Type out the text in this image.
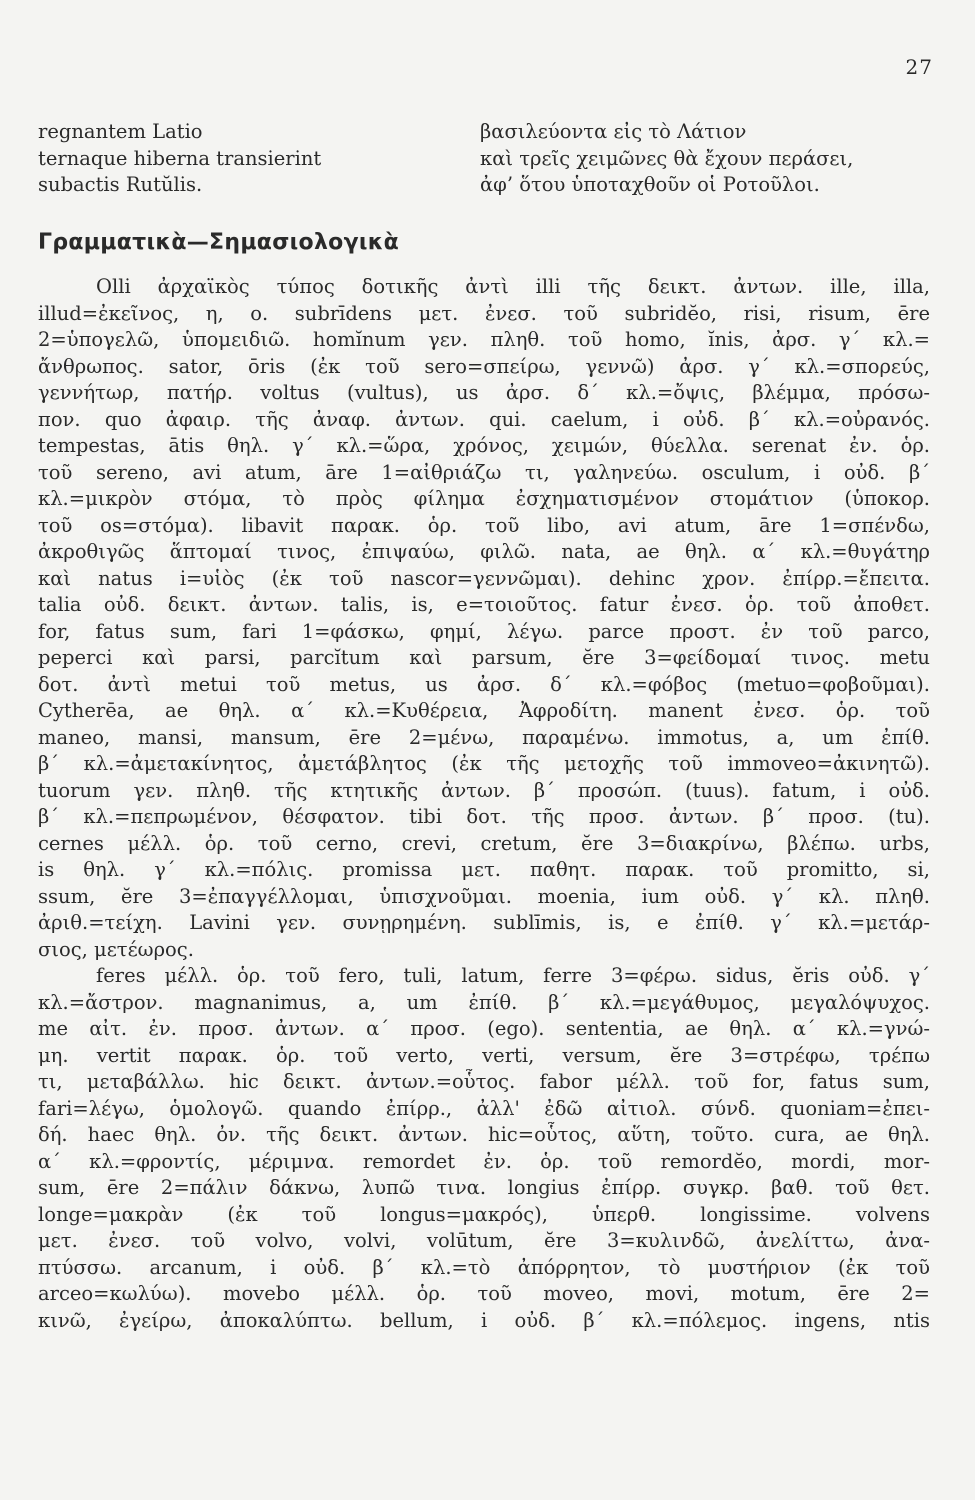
27
regnantem Latio	βασιλεύοντα εἰς τὸ Λάτιον
ternaque hiberna transierint	καὶ τρεῖς χειμῶνες θὰ ἔχουν περάσει,
subactis Rutŭlis.	ἀφ’ ὅτου ὑποταχθοῦν οἱ Ροτοῦλοι.
Γραμματικὰ—Σημασιολογικὰ
Olli ἀρχαϊκὸς τύπος δοτικῆς ἀντὶ illi τῆς δεικτ. ἀντων. ille, illa,
illud=ἐκεῖνος, η, ο. subrīdens μετ. ἐνεσ. τοῦ subridĕo, risi, risum, ēre
2=ὑπογελῶ, ὑπομειδιῶ. homĭnum γεν. πληθ. τοῦ homo, ĭnis, ἀρσ. γ΄ κλ.=
ἄνθρωπος. sator, ōris (ἐκ τοῦ sero=σπείρω, γεννῶ) ἀρσ. γ΄ κλ.=σπορεύς,
γεννήτωρ, πατήρ. voltus (vultus), us ἀρσ. δ΄ κλ.=ὄψις, βλέμμα, πρόσω-
πον. quo ἀφαιρ. τῆς ἀναφ. ἀντων. qui. caelum, i οὐδ. β΄ κλ.=οὐρανός.
tempestas, ātis θηλ. γ΄ κλ.=ὥρα, χρόνος, χειμών, θύελλα. serenat ἐν. ὁρ.
τοῦ sereno, avi atum, āre 1=αἰθριάζω τι, γαληνεύω. osculum, i οὐδ. β΄
κλ.=μικρὸν στόμα, τὸ πρὸς φίλημα ἐσχηματισμένον στομάτιον (ὑποκορ.
τοῦ os=στόμα). libavit παρακ. ὁρ. τοῦ libo, avi atum, āre 1=σπένδω,
ἀκροθιγῶς ἅπτομαί τινος, ἐπιψαύω, φιλῶ. nata, ae θηλ. α΄ κλ.=θυγάτηρ
καὶ natus i=υἱὸς (ἐκ τοῦ nascor=γεννῶμαι). dehinc χρον. ἐπίρρ.=ἔπειτα.
talia οὐδ. δεικτ. ἀντων. talis, is, e=τοιοῦτος. fatur ἐνεσ. ὁρ. τοῦ ἀποθετ.
for, fatus sum, fari 1=φάσκω, φημί, λέγω. parce προστ. ἐν τοῦ parco,
peperci καὶ parsi, parcĭtum καὶ parsum, ĕre 3=φείδομαί τινος. metu
δοτ. ἀντὶ metui τοῦ metus, us ἀρσ. δ΄ κλ.=φόβος (metuo=φοβοῦμαι).
Cytherēa, ae θηλ. α΄ κλ.=Κυθέρεια, Ἀφροδίτη. manent ἐνεσ. ὁρ. τοῦ
maneo, mansi, mansum, ēre 2=μένω, παραμένω. immotus, a, um ἐπίθ.
β΄ κλ.=ἀμετακίνητος, ἀμετάβλητος (ἐκ τῆς μετοχῆς τοῦ immoveo=ἀκινητῶ).
tuorum γεν. πληθ. τῆς κτητικῆς ἀντων. β΄ προσώπ. (tuus). fatum, i οὐδ.
β΄ κλ.=πεπρωμένον, θέσφατον. tibi δοτ. τῆς προσ. ἀντων. β΄ προσ. (tu).
cernes μέλλ. ὁρ. τοῦ cerno, crevi, cretum, ĕre 3=διακρίνω, βλέπω. urbs,
is θηλ. γ΄ κλ.=πόλις. promissa μετ. παθητ. παρακ. τοῦ promitto, si,
ssum, ĕre 3=ἐπαγγέλλομαι, ὑπισχνοῦμαι. moenia, ium οὐδ. γ΄ κλ. πληθ.
ἀριθ.=τείχη. Lavini γεν. συνῃρημένη. sublīmis, is, e ἐπίθ. γ΄ κλ.=μετάρ-
σιος, μετέωρος.
feres μέλλ. ὁρ. τοῦ fero, tuli, latum, ferre 3=φέρω. sidus, ĕris οὐδ. γ΄
κλ.=ἄστρον. magnanimus, a, um ἐπίθ. β΄ κλ.=μεγάθυμος, μεγαλόψυχος.
me αἰτ. ἐν. προσ. ἀντων. α΄ προσ. (ego). sententia, ae θηλ. α΄ κλ.=γνώ-
μη. vertit παρακ. ὁρ. τοῦ verto, verti, versum, ĕre 3=στρέφω, τρέπω
τι, μεταβάλλω. hic δεικτ. ἀντων.=οὗτος. fabor μέλλ. τοῦ for, fatus sum,
fari=λέγω, ὁμολογῶ. quando ἐπίρρ., ἀλλ' ἐδῶ αἰτιολ. σύνδ. quoniam=ἐπει-
δή. haec θηλ. ὀν. τῆς δεικτ. ἀντων. hic=οὗτος, αὕτη, τοῦτο. cura, ae θηλ.
α΄ κλ.=φροντίς, μέριμνα. remordet ἐν. ὁρ. τοῦ remordĕo, mordi, mor-
sum, ēre 2=πάλιν δάκνω, λυπῶ τινα. longius ἐπίρρ. συγκρ. βαθ. τοῦ θετ.
longe=μακρὰν (ἐκ τοῦ longus=μακρός), ὑπερθ. longissime. volvens
μετ. ἐνεσ. τοῦ volvo, volvi, volūtum, ĕre 3=κυλινδῶ, ἀνελίττω, ἀνα-
πτύσσω. arcanum, i οὐδ. β΄ κλ.=τὸ ἀπόρρητον, τὸ μυστήριον (ἐκ τοῦ
arceo=κωλύω). movebo μέλλ. ὁρ. τοῦ moveo, movi, motum, ēre 2=
κινῶ, ἐγείρω, ἀποκαλύπτω. bellum, i οὐδ. β΄ κλ.=πόλεμος. ingens, ntis
